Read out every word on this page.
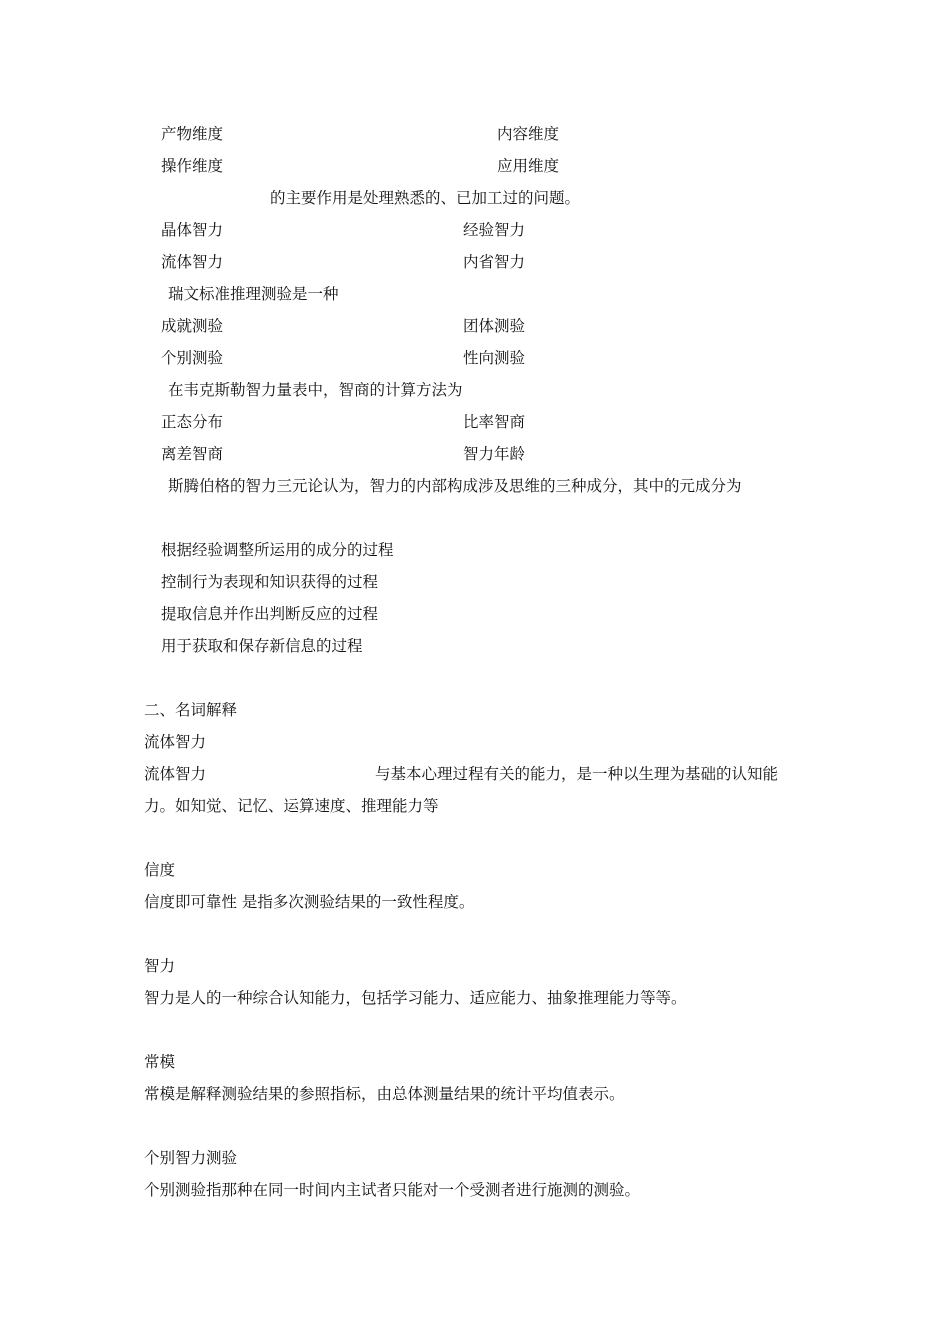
产物维度	内容维度
操作维度	应用维度
的主要作用是处理熟悉的、已加工过的问题。
晶体智力	经验智力
流体智力	内省智力
瑞文标准推理测验是一种
成就测验	团体测验
个别测验	性向测验
在韦克斯勒智力量表中，智商的计算方法为
正态分布	比率智商
离差智商	智力年龄
斯腾伯格的智力三元论认为，智力的内部构成涉及思维的三种成分，其中的元成分为
根据经验调整所运用的成分的过程
控制行为表现和知识获得的过程
提取信息并作出判断反应的过程
用于获取和保存新信息的过程
二、名词解释
流体智力
流体智力	与基本心理过程有关的能力，是一种以生理为基础的认知能
力。如知觉、记忆、运算速度、推理能力等
信度
信度即可靠性 是指多次测验结果的一致性程度。
智力
智力是人的一种综合认知能力，包括学习能力、适应能力、抽象推理能力等等。
常模
常模是解释测验结果的参照指标，由总体测量结果的统计平均值表示。
个别智力测验
个别测验指那种在同一时间内主试者只能对一个受测者进行施测的测验。
